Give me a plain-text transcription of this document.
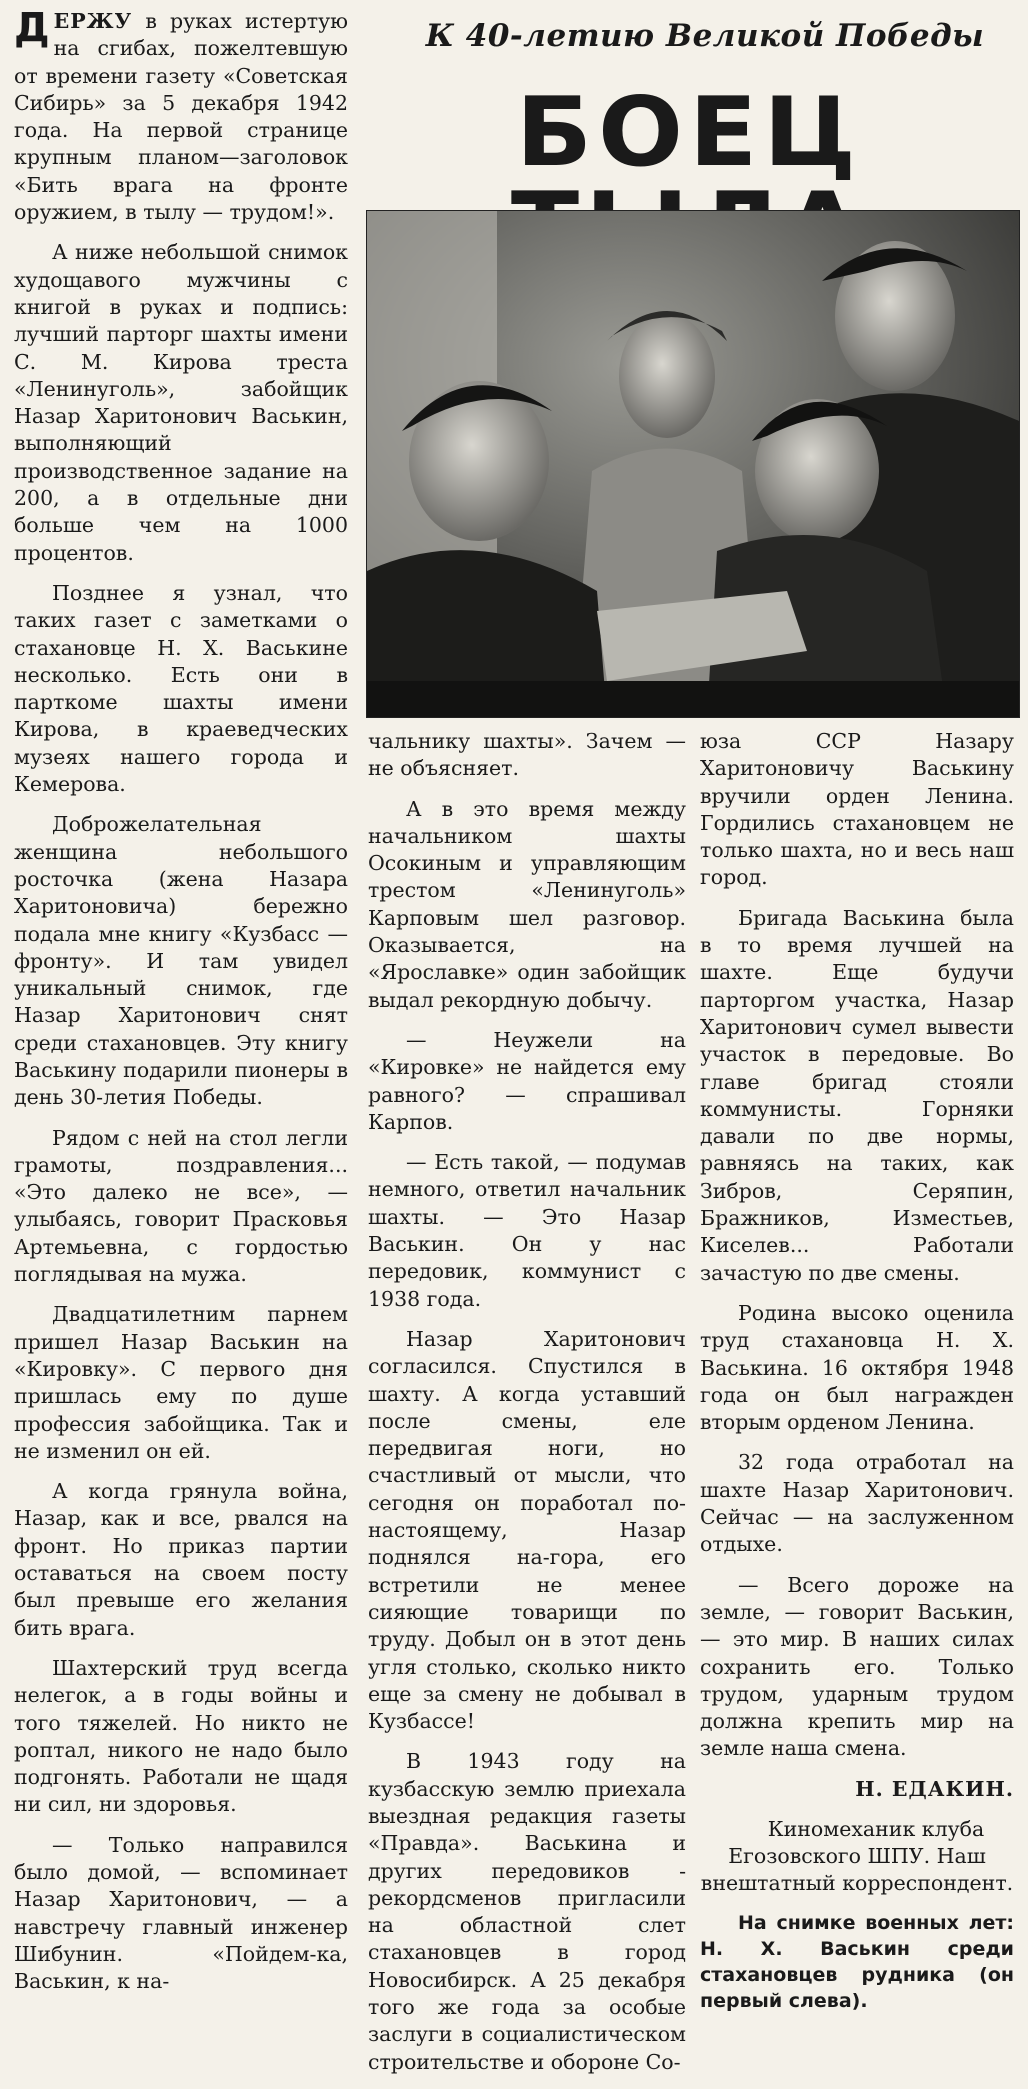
К 40-летию Великой Победы
БОЕЦ

ДЕРЖУ в руках истертую на сгибах, пожелтевшую от времени газету «Советская Сибирь» за 5 декабря 1942 года. На первой странице крупным планом—заголовок «Бить врага на фронте оружием, в тылу — трудом!».

А ниже небольшой снимок худощавого мужчины с книгой в руках и подпись: лучший парторг шахты имени С. М. Кирова треста «Ленинуголь», забойщик Назар Харитонович Васькин, выполняющий производственное задание на 200, а в отдельные дни больше чем на 1000 процентов.

Позднее я узнал, что таких газет с заметками о стахановце Н. Х. Васькине несколько. Есть они в парткоме шахты имени Кирова, в краеведческих музеях нашего города и Кемерова.

Доброжелательная женщина небольшого росточка (жена Назара Харитоновича) бережно подала мне книгу «Кузбасс — фронту». И там увидел уникальный снимок, где Назар Харитонович снят среди стахановцев. Эту книгу Васькину подарили пионеры в день 30-летия Победы.

Рядом с ней на стол легли грамоты, поздравления... «Это далеко не все», — улыбаясь, говорит Прасковья Артемьевна, с гордостью поглядывая на мужа.

Двадцатилетним парнем пришел Назар Васькин на «Кировку». С первого дня пришлась ему по душе профессия забойщика. Так и не изменил он ей.

А когда грянула война, Назар, как и все, рвался на фронт. Но приказ партии оставаться на своем посту был превыше его желания бить врага.

Шахтерский труд всегда нелегок, а в годы войны и того тяжелей. Но никто не роптал, никого не надо было подгонять. Работали не щадя ни сил, ни здоровья.

— Только направился было домой, — вспоминает Назар Харитонович, — а навстречу главный инженер Шибунин. «Пойдем-ка, Васькин, к на-

чальнику шахты». Зачем — не объясняет.

А в это время между начальником шахты Осокиным и управляющим трестом «Ленинуголь» Карповым шел разговор. Оказывается, на «Ярославке» один забойщик выдал рекордную добычу.

— Неужели на «Кировке» не найдется ему равного? — спрашивал Карпов.

— Есть такой, — подумав немного, ответил начальник шахты. — Это Назар Васькин. Он у нас передовик, коммунист с 1938 года.

Назар Харитонович согласился. Спустился в шахту. А когда уставший после смены, еле передвигая ноги, но счастливый от мысли, что сегодня он поработал по-настоящему, Назар поднялся на-гора, его встретили не менее сияющие товарищи по труду. Добыл он в этот день угля столько, сколько никто еще за смену не добывал в Кузбассе!

В 1943 году на кузбасскую землю приехала выездная редакция газеты «Правда». Васькина и других передовиков - рекордсменов пригласили на областной слет стахановцев в город Новосибирск. А 25 декабря того же года за особые заслуги в социалистическом строительстве и обороне Со-

юза ССР Назару Харитоновичу Васькину вручили орден Ленина. Гордились стахановцем не только шахта, но и весь наш город.

Бригада Васькина была в то время лучшей на шахте. Еще будучи парторгом участка, Назар Харитонович сумел вывести участок в передовые. Во главе бригад стояли коммунисты. Горняки давали по две нормы, равняясь на таких, как Зибров, Серяпин, Бражников, Изместьев, Киселев... Работали зачастую по две смены.

Родина высоко оценила труд стахановца Н. Х. Васькина. 16 октября 1948 года он был награжден вторым орденом Ленина.

32 года отработал на шахте Назар Харитонович. Сейчас — на заслуженном отдыхе.

— Всего дороже на земле, — говорит Васькин, — это мир. В наших силах сохранить его. Только трудом, ударным трудом должна крепить мир на земле наша смена.

Н. ЕДАКИН.

Киномеханик клуба Егозовского ШПУ. Наш внештатный корреспондент.

На снимке военных лет: Н. Х. Васькин среди стахановцев рудника (он первый слева).
